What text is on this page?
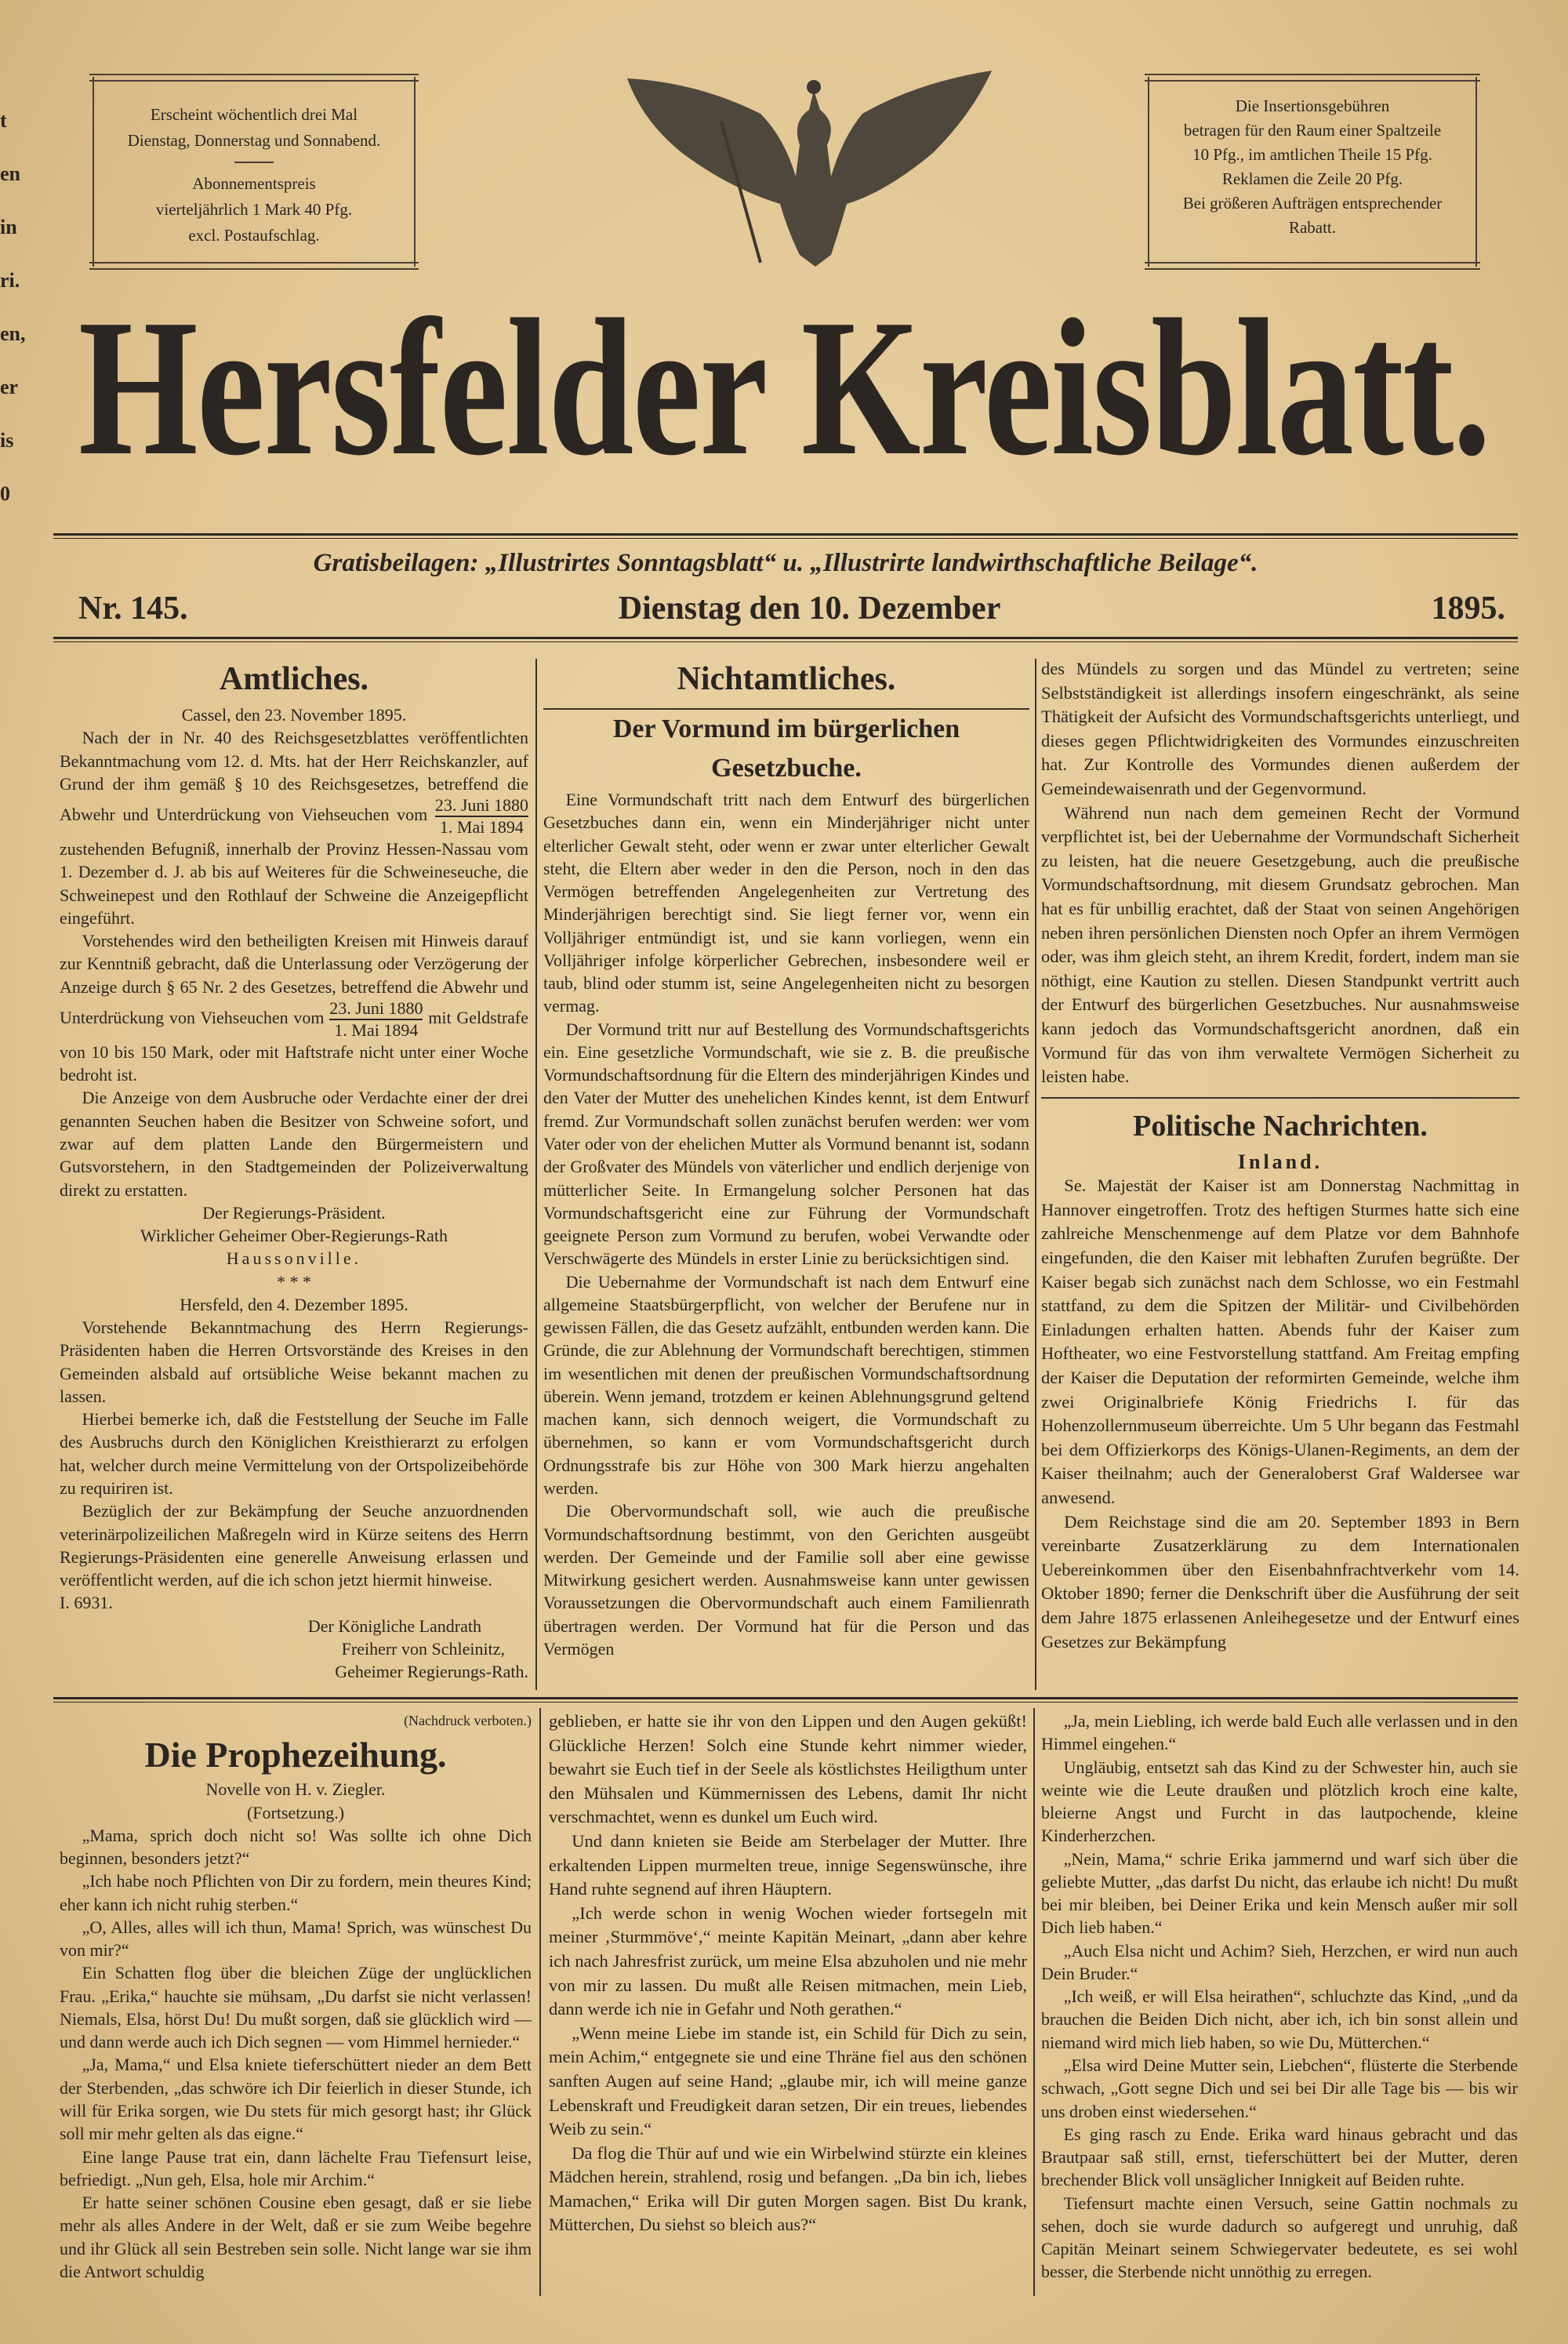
t
en
in
ri.
en,
er
is
0
Erscheint wöchentlich drei Mal
Dienstag, Donnerstag und Sonnabend.
Abonnementspreis
vierteljährlich 1 Mark 40 Pfg.
excl. Postaufschlag.
Die Insertionsgebühren
betragen für den Raum einer Spaltzeile
10 Pfg., im amtlichen Theile 15 Pfg.
Reklamen die Zeile 20 Pfg.
Bei größeren Aufträgen entsprechender
Rabatt.
Hersfelder Kreisblatt.
Gratisbeilagen: „Illustrirtes Sonntagsblatt“ u. „Illustrirte landwirthschaftliche Beilage“.
Nr. 145.	Dienstag den 10. Dezember	1895.
Amtliches.

Cassel, den 23. November 1895.

Nach der in Nr. 40 des Reichsgesetzblattes veröffentlichten Bekanntmachung vom 12. d. Mts. hat der Herr Reichskanzler, auf Grund der ihm gemäß § 10 des Reichsgesetzes, betreffend die Abwehr und Unterdrückung von Viehseuchen vom $\frac{\text{23. Juni 1880}}{\text{1. Mai 1894}}$
zustehenden Befugniß, innerhalb der Provinz Hessen-Nassau vom 1. Dezember d. J. ab bis auf Weiteres für die Schweineseuche, die Schweinepest und den Rothlauf der Schweine die Anzeigepflicht eingeführt.

Vorstehendes wird den betheiligten Kreisen mit Hinweis darauf zur Kenntniß gebracht, daß die Unterlassung oder Verzögerung der Anzeige durch § 65 Nr. 2 des Gesetzes, betreffend die Abwehr und Unterdrückung von Viehseuchen vom $\frac{\text{23. Juni 1880}}{\text{1. Mai 1894}}$ mit Geldstrafe von 10 bis 150 Mark, oder mit Haftstrafe nicht unter einer Woche bedroht ist.

Die Anzeige von dem Ausbruche oder Verdachte einer der drei genannten Seuchen haben die Besitzer von Schweine sofort, und zwar auf dem platten Lande den Bürgermeistern und Gutsvorstehern, in den Stadtgemeinden der Polizeiverwaltung direkt zu erstatten.

Der Regierungs-Präsident.

Wirklicher Geheimer Ober-Regierungs-Rath

Haussonville.

* * *

Hersfeld, den 4. Dezember 1895.

Vorstehende Bekanntmachung des Herrn Regierungs-Präsidenten haben die Herren Ortsvorstände des Kreises in den Gemeinden alsbald auf ortsübliche Weise bekannt machen zu lassen.

Hierbei bemerke ich, daß die Feststellung der Seuche im Falle des Ausbruchs durch den Königlichen Kreisthierarzt zu erfolgen hat, welcher durch meine Vermittelung von der Ortspolizeibehörde zu requiriren ist.

Bezüglich der zur Bekämpfung der Seuche anzuordnenden veterinärpolizeilichen Maßregeln wird in Kürze seitens des Herrn Regierungs-Präsidenten eine generelle Anweisung erlassen und veröffentlicht werden, auf die ich schon jetzt hiermit hinweise.

I. 6931.

Der Königliche Landrath

Freiherr von Schleinitz,

Geheimer Regierungs-Rath.

Nichtamtliches.
Der Vormund im bürgerlichen Gesetzbuche.

Eine Vormundschaft tritt nach dem Entwurf des bürgerlichen Gesetzbuches dann ein, wenn ein Minderjähriger nicht unter elterlicher Gewalt steht, oder wenn er zwar unter elterlicher Gewalt steht, die Eltern aber weder in den die Person, noch in den das Vermögen betreffenden Angelegenheiten zur Vertretung des Minderjährigen berechtigt sind. Sie liegt ferner vor, wenn ein Volljähriger entmündigt ist, und sie kann vorliegen, wenn ein Volljähriger infolge körperlicher Gebrechen, insbesondere weil er taub, blind oder stumm ist, seine Angelegenheiten nicht zu besorgen vermag.

Der Vormund tritt nur auf Bestellung des Vormundschaftsgerichts ein. Eine gesetzliche Vormundschaft, wie sie z. B. die preußische Vormundschaftsordnung für die Eltern des minderjährigen Kindes und den Vater der Mutter des unehelichen Kindes kennt, ist dem Entwurf fremd. Zur Vormundschaft sollen zunächst berufen werden: wer vom Vater oder von der ehelichen Mutter als Vormund benannt ist, sodann der Großvater des Mündels von väterlicher und endlich derjenige von mütterlicher Seite. In Ermangelung solcher Personen hat das Vormundschaftsgericht eine zur Führung der Vormundschaft geeignete Person zum Vormund zu berufen, wobei Verwandte oder Verschwägerte des Mündels in erster Linie zu berücksichtigen sind.

Die Uebernahme der Vormundschaft ist nach dem Entwurf eine allgemeine Staatsbürgerpflicht, von welcher der Berufene nur in gewissen Fällen, die das Gesetz aufzählt, entbunden werden kann. Die Gründe, die zur Ablehnung der Vormundschaft berechtigen, stimmen im wesentlichen mit denen der preußischen Vormundschaftsordnung überein. Wenn jemand, trotzdem er keinen Ablehnungsgrund geltend machen kann, sich dennoch weigert, die Vormundschaft zu übernehmen, so kann er vom Vormundschaftsgericht durch Ordnungsstrafe bis zur Höhe von 300 Mark hierzu angehalten werden.

Die Obervormundschaft soll, wie auch die preußische Vormundschaftsordnung bestimmt, von den Gerichten ausgeübt werden. Der Gemeinde und der Familie soll aber eine gewisse Mitwirkung gesichert werden. Ausnahmsweise kann unter gewissen Voraussetzungen die Obervormundschaft auch einem Familienrath übertragen werden. Der Vormund hat für die Person und das Vermögen

des Mündels zu sorgen und das Mündel zu vertreten; seine Selbstständigkeit ist allerdings insofern eingeschränkt, als seine Thätigkeit der Aufsicht des Vormundschaftsgerichts unterliegt, und dieses gegen Pflichtwidrigkeiten des Vormundes einzuschreiten hat. Zur Kontrolle des Vormundes dienen außerdem der Gemeindewaisenrath und der Gegenvormund.

Während nun nach dem gemeinen Recht der Vormund verpflichtet ist, bei der Uebernahme der Vormundschaft Sicherheit zu leisten, hat die neuere Gesetzgebung, auch die preußische Vormundschaftsordnung, mit diesem Grundsatz gebrochen. Man hat es für unbillig erachtet, daß der Staat von seinen Angehörigen neben ihren persönlichen Diensten noch Opfer an ihrem Vermögen oder, was ihm gleich steht, an ihrem Kredit, fordert, indem man sie nöthigt, eine Kaution zu stellen. Diesen Standpunkt vertritt auch der Entwurf des bürgerlichen Gesetzbuches. Nur ausnahmsweise kann jedoch das Vormundschaftsgericht anordnen, daß ein Vormund für das von ihm verwaltete Vermögen Sicherheit zu leisten habe.

Politische Nachrichten.
Inland.

Se. Majestät der Kaiser ist am Donnerstag Nachmittag in Hannover eingetroffen. Trotz des heftigen Sturmes hatte sich eine zahlreiche Menschenmenge auf dem Platze vor dem Bahnhofe eingefunden, die den Kaiser mit lebhaften Zurufen begrüßte. Der Kaiser begab sich zunächst nach dem Schlosse, wo ein Festmahl stattfand, zu dem die Spitzen der Militär- und Civilbehörden Einladungen erhalten hatten. Abends fuhr der Kaiser zum Hoftheater, wo eine Festvorstellung stattfand. Am Freitag empfing der Kaiser die Deputation der reformirten Gemeinde, welche ihm zwei Originalbriefe König Friedrichs I. für das Hohenzollernmuseum überreichte. Um 5 Uhr begann das Festmahl bei dem Offizierkorps des Königs-Ulanen-Regiments, an dem der Kaiser theilnahm; auch der Generaloberst Graf Waldersee war anwesend.

Dem Reichstage sind die am 20. September 1893 in Bern vereinbarte Zusatzerklärung zu dem Internationalen Uebereinkommen über den Eisenbahnfrachtverkehr vom 14. Oktober 1890; ferner die Denkschrift über die Ausführung der seit dem Jahre 1875 erlassenen Anleihegesetze und der Entwurf eines Gesetzes zur Bekämpfung

(Nachdruck verboten.)

Die Prophezeihung.

Novelle von H. v. Ziegler.

(Fortsetzung.)

„Mama, sprich doch nicht so! Was sollte ich ohne Dich beginnen, besonders jetzt?“

„Ich habe noch Pflichten von Dir zu fordern, mein theures Kind; eher kann ich nicht ruhig sterben.“

„O, Alles, alles will ich thun, Mama! Sprich, was wünschest Du von mir?“

Ein Schatten flog über die bleichen Züge der unglücklichen Frau. „Erika,“ hauchte sie mühsam, „Du darfst sie nicht verlassen! Niemals, Elsa, hörst Du! Du mußt sorgen, daß sie glücklich wird — und dann werde auch ich Dich segnen — vom Himmel hernieder.“

„Ja, Mama,“ und Elsa kniete tieferschüttert nieder an dem Bett der Sterbenden, „das schwöre ich Dir feierlich in dieser Stunde, ich will für Erika sorgen, wie Du stets für mich gesorgt hast; ihr Glück soll mir mehr gelten als das eigne.“

Eine lange Pause trat ein, dann lächelte Frau Tiefensurt leise, befriedigt. „Nun geh, Elsa, hole mir Archim.“

Er hatte seiner schönen Cousine eben gesagt, daß er sie liebe mehr als alles Andere in der Welt, daß er sie zum Weibe begehre und ihr Glück all sein Bestreben sein solle. Nicht lange war sie ihm die Antwort schuldig

geblieben, er hatte sie ihr von den Lippen und den Augen geküßt! Glückliche Herzen! Solch eine Stunde kehrt nimmer wieder, bewahrt sie Euch tief in der Seele als köstlichstes Heiligthum unter den Mühsalen und Kümmernissen des Lebens, damit Ihr nicht verschmachtet, wenn es dunkel um Euch wird.

Und dann knieten sie Beide am Sterbelager der Mutter. Ihre erkaltenden Lippen murmelten treue, innige Segenswünsche, ihre Hand ruhte segnend auf ihren Häuptern.

„Ich werde schon in wenig Wochen wieder fortsegeln mit meiner ‚Sturmmöve‘,“ meinte Kapitän Meinart, „dann aber kehre ich nach Jahresfrist zurück, um meine Elsa abzuholen und nie mehr von mir zu lassen. Du mußt alle Reisen mitmachen, mein Lieb, dann werde ich nie in Gefahr und Noth gerathen.“

„Wenn meine Liebe im stande ist, ein Schild für Dich zu sein, mein Achim,“ entgegnete sie und eine Thräne fiel aus den schönen sanften Augen auf seine Hand; „glaube mir, ich will meine ganze Lebenskraft und Freudigkeit daran setzen, Dir ein treues, liebendes Weib zu sein.“

Da flog die Thür auf und wie ein Wirbelwind stürzte ein kleines Mädchen herein, strahlend, rosig und befangen. „Da bin ich, liebes Mamachen,“ Erika will Dir guten Morgen sagen. Bist Du krank, Mütterchen, Du siehst so bleich aus?“

„Ja, mein Liebling, ich werde bald Euch alle verlassen und in den Himmel eingehen.“

Ungläubig, entsetzt sah das Kind zu der Schwester hin, auch sie weinte wie die Leute draußen und plötzlich kroch eine kalte, bleierne Angst und Furcht in das lautpochende, kleine Kinderherzchen.

„Nein, Mama,“ schrie Erika jammernd und warf sich über die geliebte Mutter, „das darfst Du nicht, das erlaube ich nicht! Du mußt bei mir bleiben, bei Deiner Erika und kein Mensch außer mir soll Dich lieb haben.“

„Auch Elsa nicht und Achim? Sieh, Herzchen, er wird nun auch Dein Bruder.“

„Ich weiß, er will Elsa heirathen“, schluchzte das Kind, „und da brauchen die Beiden Dich nicht, aber ich, ich bin sonst allein und niemand wird mich lieb haben, so wie Du, Mütterchen.“

„Elsa wird Deine Mutter sein, Liebchen“, flüsterte die Sterbende schwach, „Gott segne Dich und sei bei Dir alle Tage bis — bis wir uns droben einst wiedersehen.“

Es ging rasch zu Ende. Erika ward hinaus gebracht und das Brautpaar saß still, ernst, tieferschüttert bei der Mutter, deren brechender Blick voll unsäglicher Innigkeit auf Beiden ruhte.

Tiefensurt machte einen Versuch, seine Gattin nochmals zu sehen, doch sie wurde dadurch so aufgeregt und unruhig, daß Capitän Meinart seinem Schwiegervater bedeutete, es sei wohl besser, die Sterbende nicht unnöthig zu erregen.
